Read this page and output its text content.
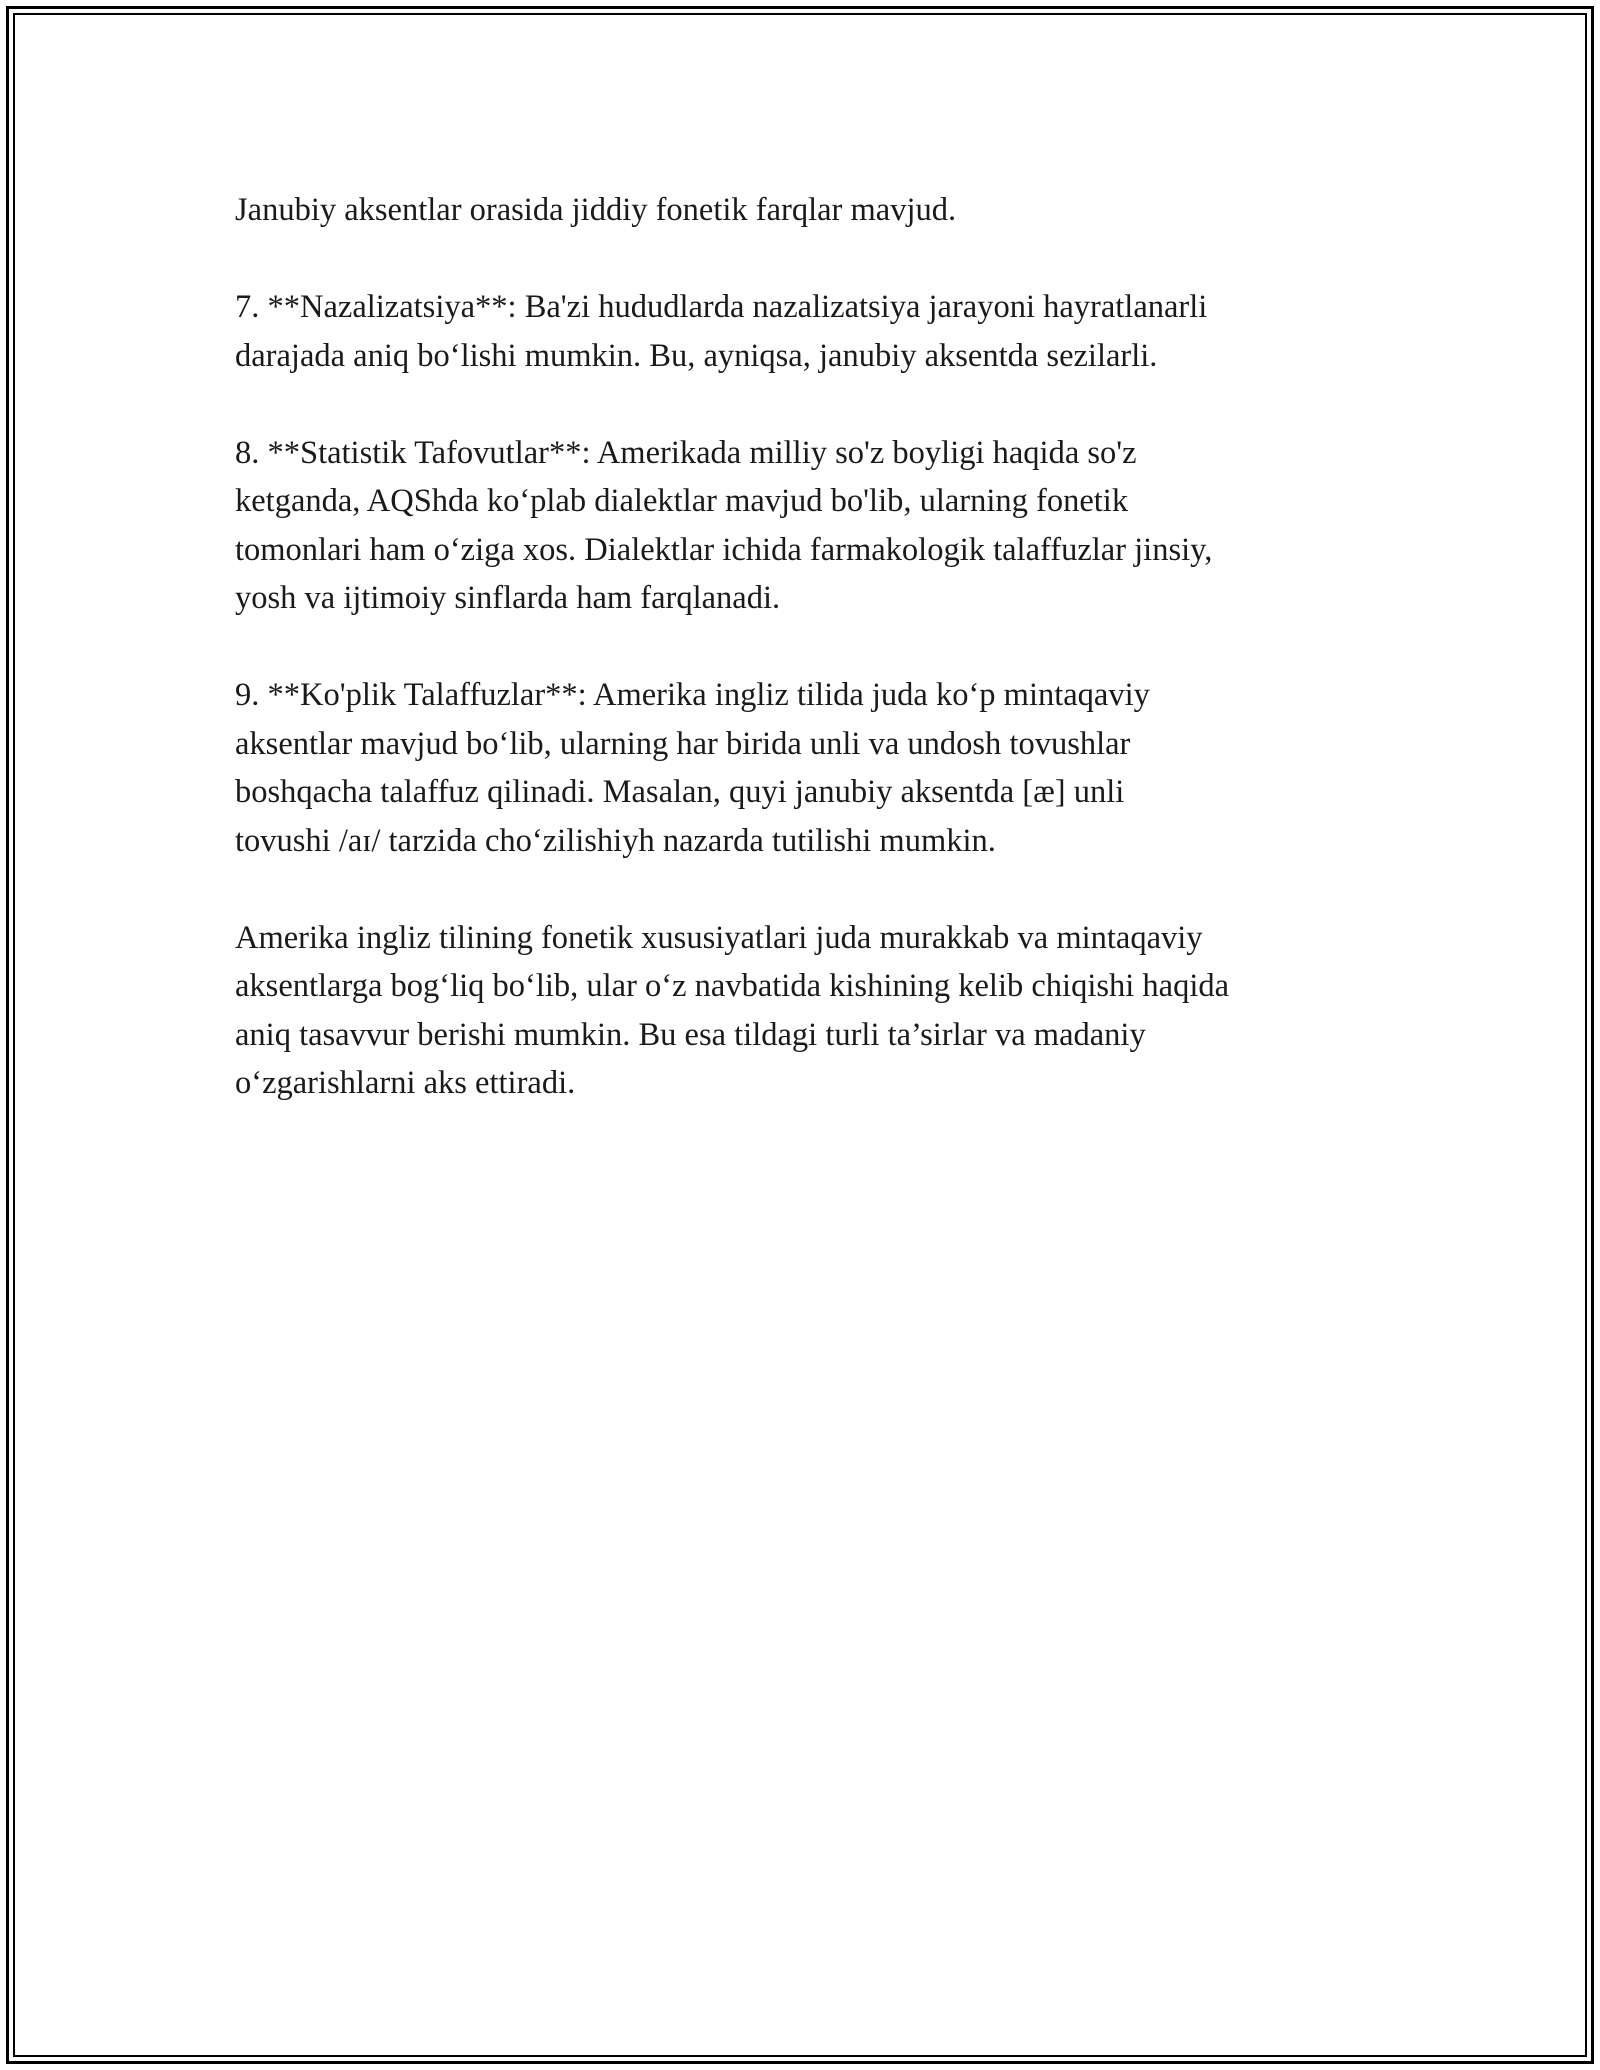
Janubiy aksentlar orasida jiddiy fonetik farqlar mavjud.

7. **Nazalizatsiya**: Ba'zi hududlarda nazalizatsiya jarayoni hayratlanarli
darajada aniq bo‘lishi mumkin. Bu, ayniqsa, janubiy aksentda sezilarli.

8. **Statistik Tafovutlar**: Amerikada milliy so'z boyligi haqida so'z
ketganda, AQShda ko‘plab dialektlar mavjud bo'lib, ularning fonetik
tomonlari ham o‘ziga xos. Dialektlar ichida farmakologik talaffuzlar jinsiy,
yosh va ijtimoiy sinflarda ham farqlanadi.

9. **Ko'plik Talaffuzlar**: Amerika ingliz tilida juda ko‘p mintaqaviy
aksentlar mavjud bo‘lib, ularning har birida unli va undosh tovushlar
boshqacha talaffuz qilinadi. Masalan, quyi janubiy aksentda [æ] unli
tovushi /aɪ/ tarzida cho‘zilishiyh nazarda tutilishi mumkin.

Amerika ingliz tilining fonetik xususiyatlari juda murakkab va mintaqaviy
aksentlarga bog‘liq bo‘lib, ular o‘z navbatida kishining kelib chiqishi haqida
aniq tasavvur berishi mumkin. Bu esa tildagi turli ta’sirlar va madaniy
o‘zgarishlarni aks ettiradi.
